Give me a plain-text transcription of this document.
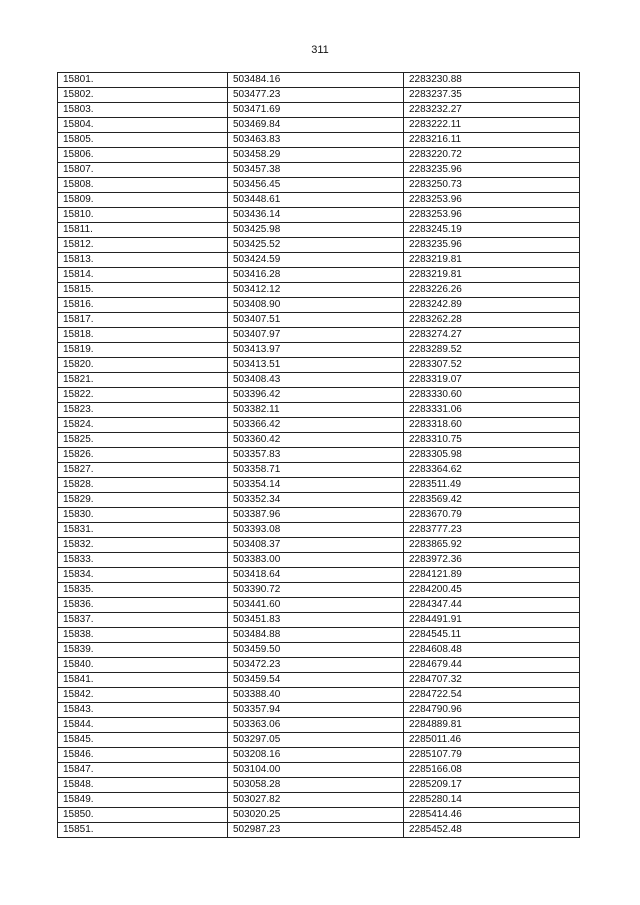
311
15801.	503484.16	2283230.88
15802.	503477.23	2283237.35
15803.	503471.69	2283232.27
15804.	503469.84	2283222.11
15805.	503463.83	2283216.11
15806.	503458.29	2283220.72
15807.	503457.38	2283235.96
15808.	503456.45	2283250.73
15809.	503448.61	2283253.96
15810.	503436.14	2283253.96
15811.	503425.98	2283245.19
15812.	503425.52	2283235.96
15813.	503424.59	2283219.81
15814.	503416.28	2283219.81
15815.	503412.12	2283226.26
15816.	503408.90	2283242.89
15817.	503407.51	2283262.28
15818.	503407.97	2283274.27
15819.	503413.97	2283289.52
15820.	503413.51	2283307.52
15821.	503408.43	2283319.07
15822.	503396.42	2283330.60
15823.	503382.11	2283331.06
15824.	503366.42	2283318.60
15825.	503360.42	2283310.75
15826.	503357.83	2283305.98
15827.	503358.71	2283364.62
15828.	503354.14	2283511.49
15829.	503352.34	2283569.42
15830.	503387.96	2283670.79
15831.	503393.08	2283777.23
15832.	503408.37	2283865.92
15833.	503383.00	2283972.36
15834.	503418.64	2284121.89
15835.	503390.72	2284200.45
15836.	503441.60	2284347.44
15837.	503451.83	2284491.91
15838.	503484.88	2284545.11
15839.	503459.50	2284608.48
15840.	503472.23	2284679.44
15841.	503459.54	2284707.32
15842.	503388.40	2284722.54
15843.	503357.94	2284790.96
15844.	503363.06	2284889.81
15845.	503297.05	2285011.46
15846.	503208.16	2285107.79
15847.	503104.00	2285166.08
15848.	503058.28	2285209.17
15849.	503027.82	2285280.14
15850.	503020.25	2285414.46
15851.	502987.23	2285452.48
